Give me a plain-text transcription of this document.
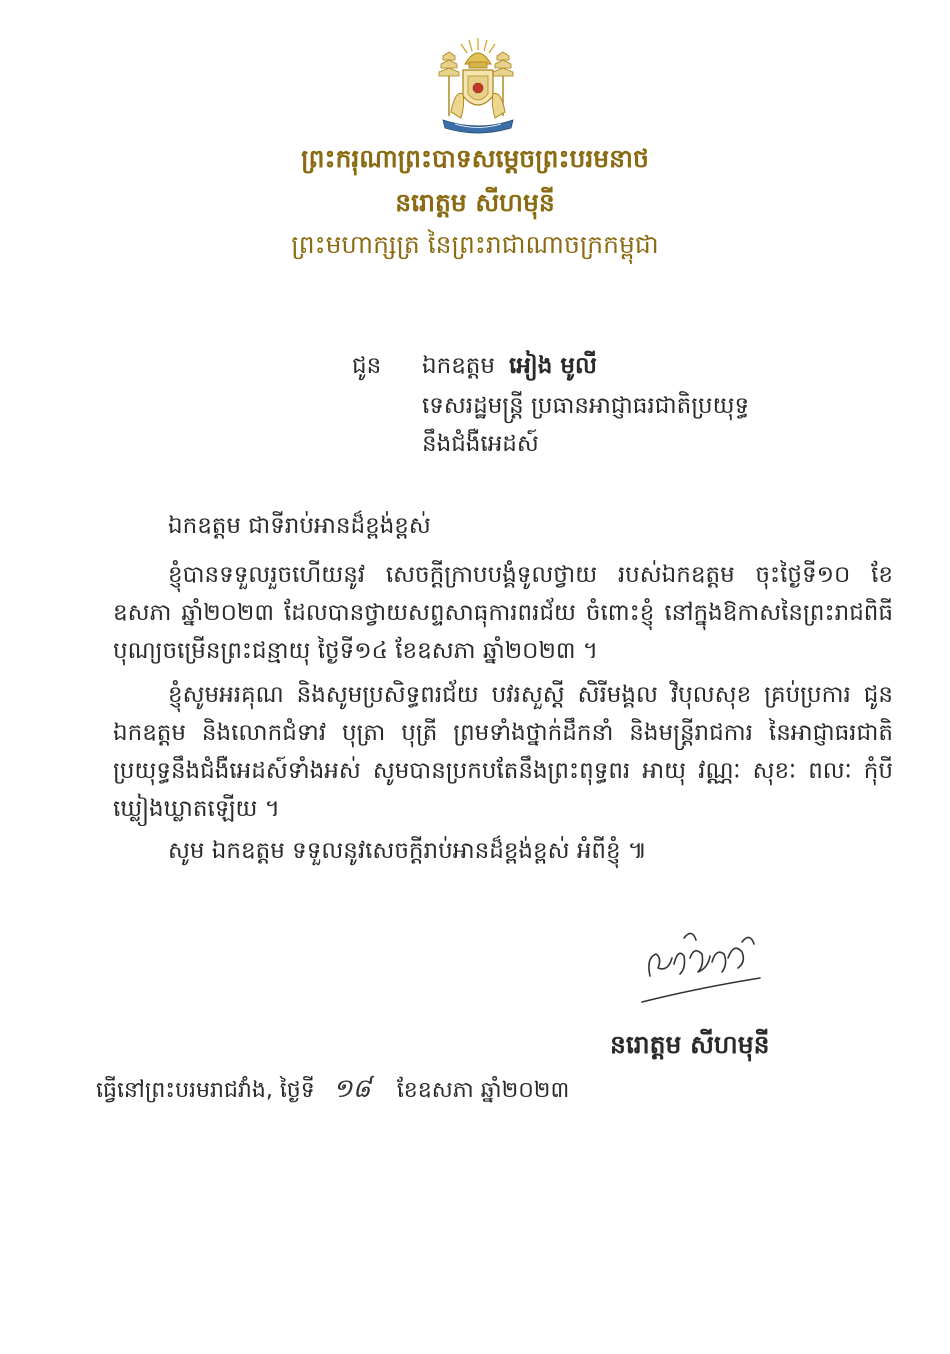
ព្រះករុណាព្រះបាទសម្តេចព្រះបរមនាថ
នរោត្តម សីហមុនី
ព្រះមហាក្សត្រ នៃព្រះរាជាណាចក្រកម្ពុជា
ជូន ឯកឧត្តម អៀង មូលី
ទេសរដ្ឋមន្ត្រី ប្រធានអាជ្ញាធរជាតិប្រយុទ្ធ
នឹងជំងឺអេដស៍
ឯកឧត្តម ជាទីរាប់អានដ៏ខ្ពង់ខ្ពស់
ខ្ញុំបានទទួលរួចហើយនូវ សេចក្តីក្រាបបង្គំទូលថ្វាយ របស់ឯកឧត្តម ចុះថ្ងៃទី១០ ខែឧសភា ឆ្នាំ២០២៣ ដែលបានថ្វាយសព្ទសាធុការពរជ័យ ចំពោះខ្ញុំ នៅក្នុងឱកាសនៃព្រះរាជពិធីបុណ្យចម្រើនព្រះជន្មាយុ ថ្ងៃទី១៤ ខែឧសភា ឆ្នាំ២០២៣ ។
ខ្ញុំសូមអរគុណ និងសូមប្រសិទ្ធពរជ័យ បវរសួស្តី សិរីមង្គល វិបុលសុខ គ្រប់ប្រការ ជូន ឯកឧត្តម និងលោកជំទាវ បុត្រា បុត្រី ព្រមទាំងថ្នាក់ដឹកនាំ និងមន្ត្រីរាជការ នៃអាជ្ញាធរជាតិប្រយុទ្ធនឹងជំងឺអេដស៍ទាំងអស់ សូមបានប្រកបតែនឹងព្រះពុទ្ធពរ អាយុ វណ្ណៈ សុខៈ ពលៈ កុំបីឃ្លៀងឃ្លាតឡើយ ។
សូម ឯកឧត្តម ទទួលនូវសេចក្តីរាប់អានដ៏ខ្ពង់ខ្ពស់ អំពីខ្ញុំ ៕
នរោត្តម សីហមុនី
ធ្វើនៅព្រះបរមរាជវាំង, ថ្ងៃទី ១៨ ខែឧសភា ឆ្នាំ២០២៣
